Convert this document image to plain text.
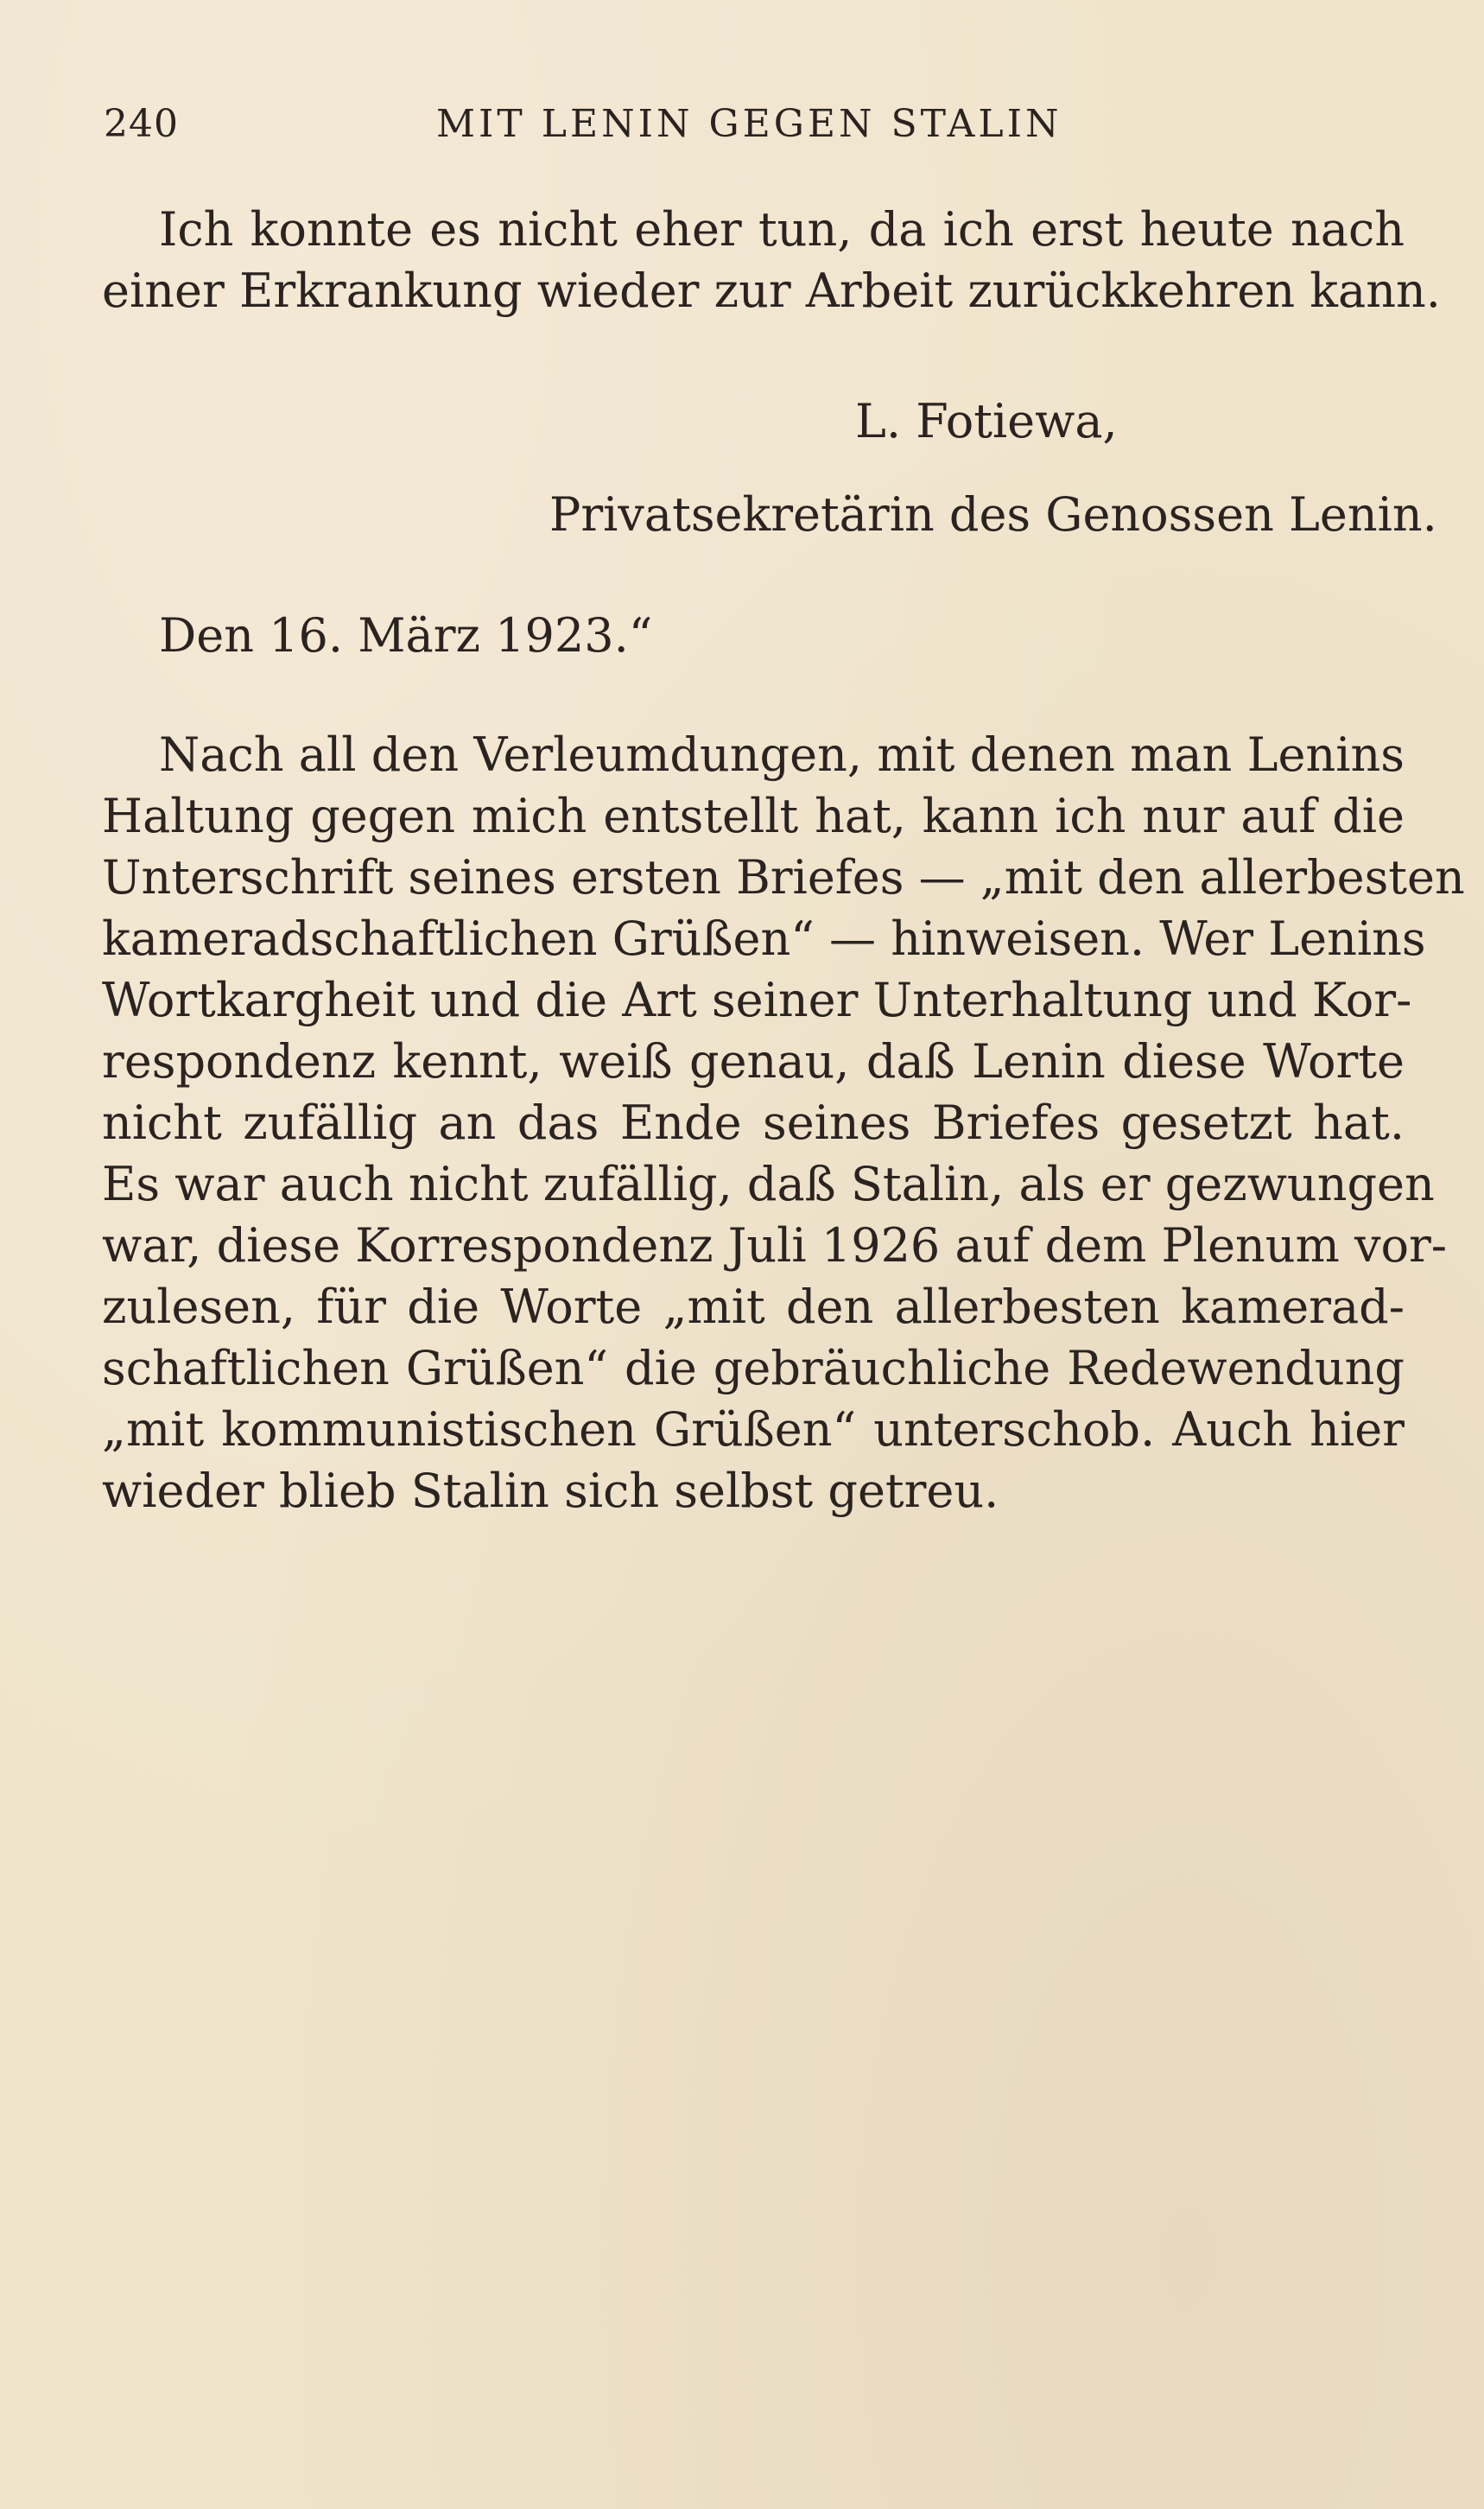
240	MIT LENIN GEGEN STALIN
Ich konnte es nicht eher tun, da ich erst heute nach
einer Erkrankung wieder zur Arbeit zurückkehren kann.
L. Fotiewa,
Privatsekretärin des Genossen Lenin.
Den 16. März 1923.“
Nach all den Verleumdungen, mit denen man Lenins
Haltung gegen mich entstellt hat, kann ich nur auf die
Unterschrift seines ersten Briefes — „mit den allerbesten
kameradschaftlichen Grüßen“ — hinweisen. Wer Lenins
Wortkargheit und die Art seiner Unterhaltung und Kor-
respondenz kennt, weiß genau, daß Lenin diese Worte
nicht zufällig an das Ende seines Briefes gesetzt hat.
Es war auch nicht zufällig, daß Stalin, als er gezwungen
war, diese Korrespondenz Juli 1926 auf dem Plenum vor-
zulesen, für die Worte „mit den allerbesten kamerad-
schaftlichen Grüßen“ die gebräuchliche Redewendung
„mit kommunistischen Grüßen“ unterschob. Auch hier
wieder blieb Stalin sich selbst getreu.
